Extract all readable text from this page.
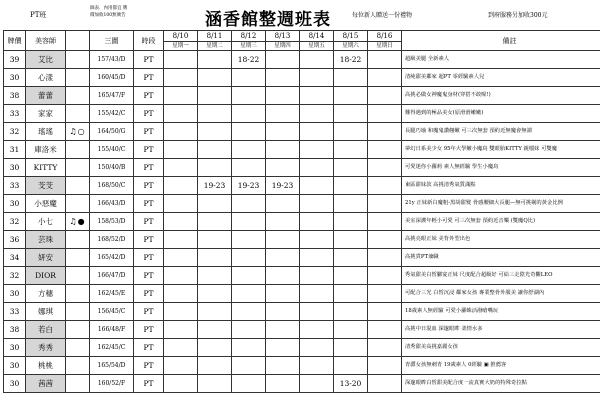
PT班
師表．內用都宜 牌
價加收100無廣告	涵香館整週班表	每位新人贈送一份禮物	到府服務另加收300元
牌價	美容師		三圍	時段	8/10	8/11	8/12	8/13	8/14	8/15	8/16	備註
					星期一	星期二	星期三	星期四	星期五	星期六	星期日	
39	艾比		157/43/D	PT			18-22			18-22		超級美腿 全新素人
30	心漾		160/45/D	PT								清純甜美鄰家 超PT 零經驗素人兒
38	蕾蕾		165/47/F	PT								高挑必做女神魔鬼身材(穿搭不敢喔!)
33	家家		155/42/C	PT								難得遇到的極品美女(原滑滑嫩嫩)
32	瑤瑤	♫○	164/50/G	PT								長腿巧瑜 和魔鬼讚翹嫩 可三次無套 預約近無魔會無謂
31	庫洛米		155/40/C	PT								夢幻日系美少女 95年大學嫩小魔鳥 雙眼胎KITTY 親檔妹 可雙魔
30	KITTY		150/40/B	PT								可愛迷你小蘿莉 素人無經驗 學生小魔鳥
33	芠芠		168/50/C	PT		19-23	19-23	19-23				東區甜妹款 高挑清秀氣質滿點
30	小惡魔		166/43/D	PT								21y 正妹新白魔粗-黑胡甜髮 骨感腰細大長腿—無可挑剔的黃金比例
32	小七	♫●	158/53/D	PT								美室深護年輕小可愛 可三次無套 預約近音樂 (雙魔Q比)
36	芸珠		168/52/D	PT								高挑亮眼正妹 美背外型出色
34	妍安		165/42/D	PT								高挑貨PT兼職
32	DIOR		166/47/D	PT								秀氣甜美白皙腳宴正妹 尺度配合超級好 可給三走陰光奇觀LEO
30	方穗		162/45/E	PT								可配合三光 白皙沉浸 鄰家女孩 專業整骨外服美 讓你舒湖內
33	娜琪		156/45/C	PT								18歲素人無經驗 可愛小蘿蛛活潑嗆嘴玩
38	若白		166/48/F	PT								高挑中日混血 深邃眼眸 柔情水多
30	秀秀		162/45/C	PT								清秀甜美高挑嘉麗女孩
30	桃桃		165/54/D	PT								青澀女孩無刺青 19歲素人 0經驗 ▣ 推薦客
30	茜茜		160/52/F	PT						13-20		深邃眼眸白皙甜美配合度一流真實大奶的特殊奇拉點
